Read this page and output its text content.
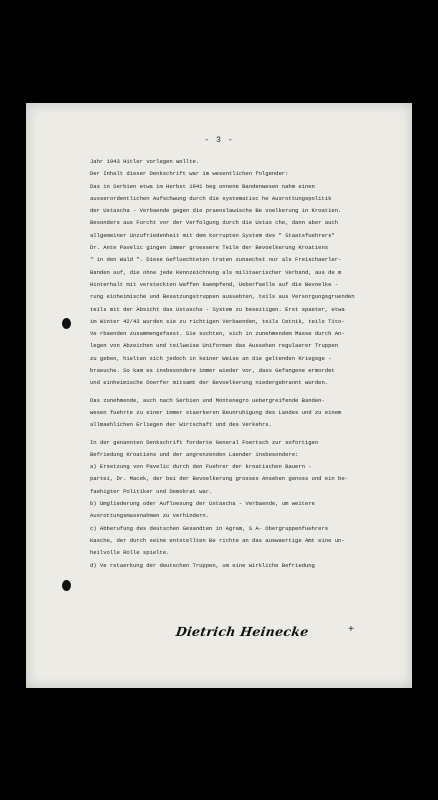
- 3 -
Jahr 1943 Hitler vorlegen wollte.
Der Inhalt dieser Denkschrift war im wesentlichen folgender:
Das in Serbien etwa im Herbst 1941 beg onnene Bandenwesen nahm einen
ausserordentlichen Aufschwung durch die systematisc he Ausrottungspolitik
der Ustascha - Verbaende gegen die praeoslawische Be voelkerung in Kroatien.
Besonders aus Furcht vor der Verfolgung durch die Ustas che, dann aber auch
allgemeiner Unzufriedenheit mit dem korrupten System des " Staatsfuehrers"
Dr. Ante Pavelic gingen immer groessere Teile der Bevoelkerung Kroatiens
" in den Wald ". Diese Gefluechteten traten zunaechst nur als Freischaerler-
Banden auf, die ohne jede Kennzeichnung als militaerischer Verband, aus de m
Hinterhalt mit versteckten Waffen kaempfend, Ueberfaelle auf die Bevoelke -
rung einheimische und Besatzungstruppen ausuebten, teils aus Versorgungsgruenden
teils mit der Absicht das Ustascha - System zu beseitigen. Erst spaeter, etwa
im Winter 42/43 wurden sie zu richtigen Verbaenden, teils Cetnik, teils Tito-
Ve rbaenden zusammengefasst. Sie suchten, sich in zunehmendem Masse durch An-
legen von Abzeichen und teilweise Uniformen das Aussehen regulaerer Truppen
zu geben, hielten sich jedoch in keiner Weise an die geltenden Kriegsge -
braeuche. So kam es insbesondere immer wieder vor, dass Gefangene ermordet
und einheimische Doerfer mitsamt der Bevoelkerung niedergebrannt wurden.
Das zunehmende, auch nach Serbien und Montenegro uebergreifende Banden-
wesen fuehrte zu einer immer staerkeren Beunruhigung des Landes und zu einem
allmaehlichen Erliegen der Wirtschaft und des Verkehrs.
In der genannten Denkschrift forderte General Foertsch zur sofortigen
Befriedung Kroatiens und der angrenzenden Laender insbesondere:
a) Ersetzung von Pavelic durch den Fuehrer der kroatischen Bauern -
partei, Dr. Macek, der bei der Bevoelkerung grosses Ansehen genoss und ein be-
faehigter Politiker und Demokrat war.
b) Umgliederung oder Aufloesung der Ustascha - Verbaende, um weitere
Ausrottungsmassnahmen zu verhindern.
c) Abberufung des deutschen Gesandten in Agram, S A- Obergruppenfuehrers
Kasche, der durch seine entstellten Be richte an das auswaertige Amt eine un-
heilvolle Rolle spielte.
d) Ve rstaerkung der deutschen Truppen, um eine wirkliche Befriedung
Dietrich Heinecke	+
